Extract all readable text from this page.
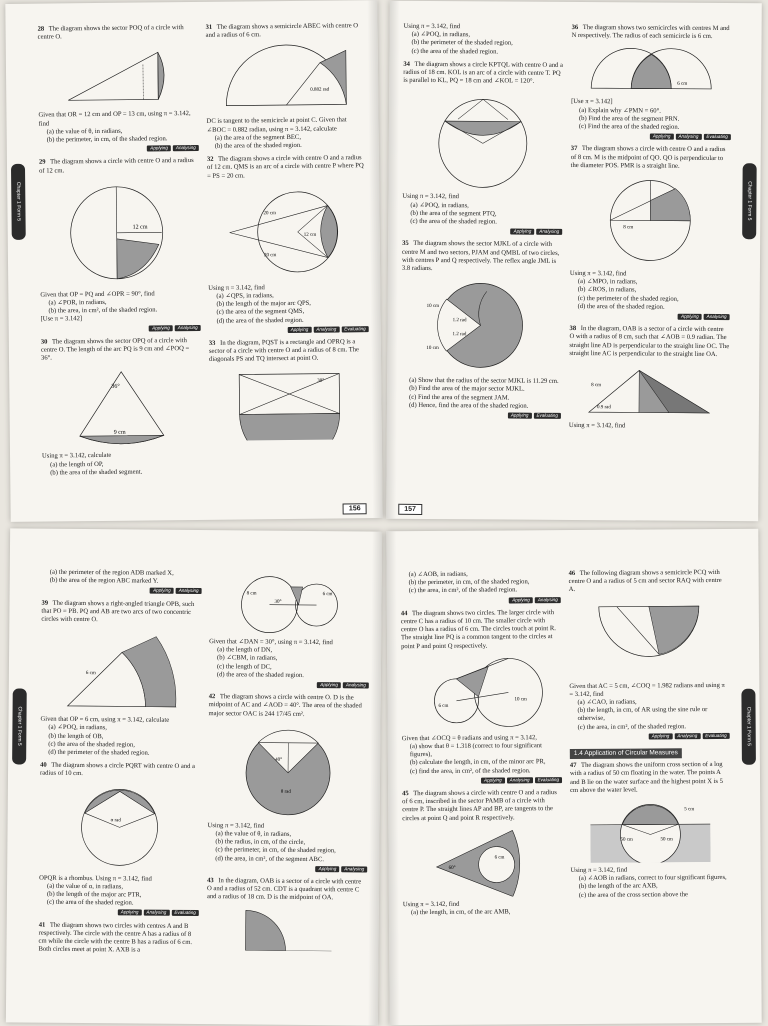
Chapter 1 Form 5
28 The diagram shows the sector POQ of a circle with centre O.
Given that OR = 12 cm and OP = 13 cm, using π = 3.142, find
(a) the value of θ, in radians,
(b) the perimeter, in cm, of the shaded region.
Applying Analysing
29 The diagram shows a circle with centre O and a radius of 12 cm.
12 cm
Given that OP = PQ and ∠OPR = 90°, find
(a) ∠POR, in radians,
(b) the area, in cm², of the shaded region.
[Use π = 3.142]
Applying Analysing
30 The diagram shows the sector OPQ of a circle with centre O. The length of the arc PQ is 9 cm and ∠POQ = 36°.
36°
9 cm
Using π = 3.142, calculate
(a) the length of OP,
(b) the area of the shaded segment.
31 The diagram shows a semicircle ABEC with centre O and a radius of 6 cm.
0.882 rad
DC is tangent to the semicircle at point C. Given that ∠BOC = 0.882 radian, using π = 3.142, calculate
(a) the area of the segment BEC,
(b) the area of the shaded region.
32 The diagram shows a circle with centre O and a radius of 12 cm. QMS is an arc of a circle with centre P where PQ = PS = 20 cm.
20 cm
12 cm
20 cm
Using π = 3.142, find
(a) ∠QPS, in radians,
(b) the length of the major arc QPS,
(c) the area of the segment QMS,
(d) the area of the shaded region.
Applying Analysing Evaluating
33 In the diagram, PQST is a rectangle and OPRQ is a sector of a circle with centre O and a radius of 8 cm. The diagonals PS and TQ intersect at point O.
30°
156
Chapter 1 Form 5
Using π = 3.142, find
(a) ∠POQ, in radians,
(b) the perimeter of the shaded region,
(c) the area of the shaded region.
34 The diagram shows a circle KPTQL with centre O and a radius of 18 cm. KOL is an arc of a circle with centre T. PQ is parallel to KL, PQ = 18 cm and ∠KOL = 120°.
Using π = 3.142, find
(a) ∠POQ, in radians,
(b) the area of the segment PTQ,
(c) the area of the shaded region.
Applying Analysing
35 The diagram shows the sector MJKL of a circle with centre M and two sectors, PJAM and QMBL of two circles, with centres P and Q respectively. The reflex angle JML is 3.8 radians.
10 cm
1.2 rad
1.2 rad
10 cm
(a) Show that the radius of the sector MJKL is 11.29 cm.
(b) Find the area of the major sector MJKL.
(c) Find the area of the segment JAM.
(d) Hence, find the area of the shaded region.
Applying Evaluating
36 The diagram shows two semicircles with centres M and N respectively. The radius of each semicircle is 6 cm.
6 cm
[Use π = 3.142]
(a) Explain why ∠PMN = 60°.
(b) Find the area of the segment PRN.
(c) Find the area of the shaded region.
Applying Analysing Evaluating
37 The diagram shows a circle with centre O and a radius of 8 cm. M is the midpoint of QO. QO is perpendicular to the diameter POS. PMR is a straight line.
8 cm
Using π = 3.142, find
(a) ∠MPO, in radians,
(b) ∠ROS, in radians,
(c) the perimeter of the shaded region,
(d) the area of the shaded region.
Applying Analysing
38 In the diagram, OAB is a sector of a circle with centre O with a radius of 8 cm, such that ∠AOB = 0.9 radian. The straight line AD is perpendicular to the straight line OC. The straight line AC is perpendicular to the straight line OA.
8 cm
0.9 rad
Using π = 3.142, find
157
Chapter 1 Form 5
(a) the perimeter of the region ADB marked X,
(b) the area of the region ABC marked Y.
Applying Analysing
39 The diagram shows a right-angled triangle OPB, such that PO = PB. PQ and AB are two arcs of two concentric circles with centre O.
6 cm
Given that OP = 6 cm, using π = 3.142, calculate
(a) ∠POQ, in radians,
(b) the length of OB,
(c) the area of the shaded region,
(d) the perimeter of the shaded region.
40 The diagram shows a circle PQRT with centre O and a radius of 10 cm.
α rad
OPQR is a rhombus. Using π = 3.142, find
(a) the value of α, in radians,
(b) the length of the major arc PTR,
(c) the area of the shaded region.
Applying Analysing Evaluating
41 The diagram shows two circles with centres A and B respectively. The circle with the centre A has a radius of 8 cm while the circle with the centre B has a radius of 6 cm. Both circles meet at point X. AXB is a
8 cm	6 cm
30°
Given that ∠DAN = 30°, using π = 3.142, find
(a) the length of DN,
(b) ∠CBM, in radians,
(c) the length of DC,
(d) the area of the shaded region.
Applying Analysing
42 The diagram shows a circle with centre O. D is the midpoint of AC and ∠AOD = 40°. The area of the shaded major sector OAC is 244 17/45 cm².
40°
θ rad
Using π = 3.142, find
(a) the value of θ, in radians,
(b) the radius, in cm, of the circle,
(c) the perimeter, in cm, of the shaded region,
(d) the area, in cm², of the segment ABC.
Applying Analysing
43 In the diagram, OAB is a sector of a circle with centre O and a radius of 52 cm. CDT is a quadrant with centre C and a radius of 18 cm. D is the midpoint of OA.
Chapter 1 Form 5
(a) ∠AOB, in radians,
(b) the perimeter, in cm, of the shaded region,
(c) the area, in cm², of the shaded region.
Applying Analysing
44 The diagram shows two circles. The larger circle with centre C has a radius of 10 cm. The smaller circle with centre O has a radius of 6 cm. The circles touch at point R. The straight line PQ is a common tangent to the circles at point P and point Q respectively.
6 cm
10 cm
Given that ∠OCQ = θ radians and using π = 3.142,
(a) show that θ = 1.318 (correct to four significant figures),
(b) calculate the length, in cm, of the minor arc PR,
(c) find the area, in cm², of the shaded region.
Applying Analysing Evaluating
45 The diagram shows a circle with centre O and a radius of 6 cm, inscribed in the sector PAMB of a circle with centre P. The straight lines AP and BP, are tangents to the circles at point Q and point R respectively.
6 cm
60°
Using π = 3.142, find
(a) the length, in cm, of the arc AMB,
46 The following diagram shows a semicircle PCQ with centre O and a radius of 5 cm and sector RAQ with centre A.
Given that AC = 5 cm, ∠COQ = 1.982 radians and using π = 3.142, find
(a) ∠CAO, in radians,
(b) the length, in cm, of AR using the sine rule or otherwise,
(c) the area, in cm², of the shaded region.
Applying Analysing Evaluating
1.4 Application of Circular Measures
47 The diagram shows the uniform cross section of a log with a radius of 50 cm floating in the water. The points A and B lie on the water surface and the highest point X is 5 cm above the water level.
5 cm
50 cm	50 cm
Using π = 3.142, find
(a) ∠AOB in radians, correct to four significant figures,
(b) the length of the arc AXB,
(c) the area of the cross section above the
